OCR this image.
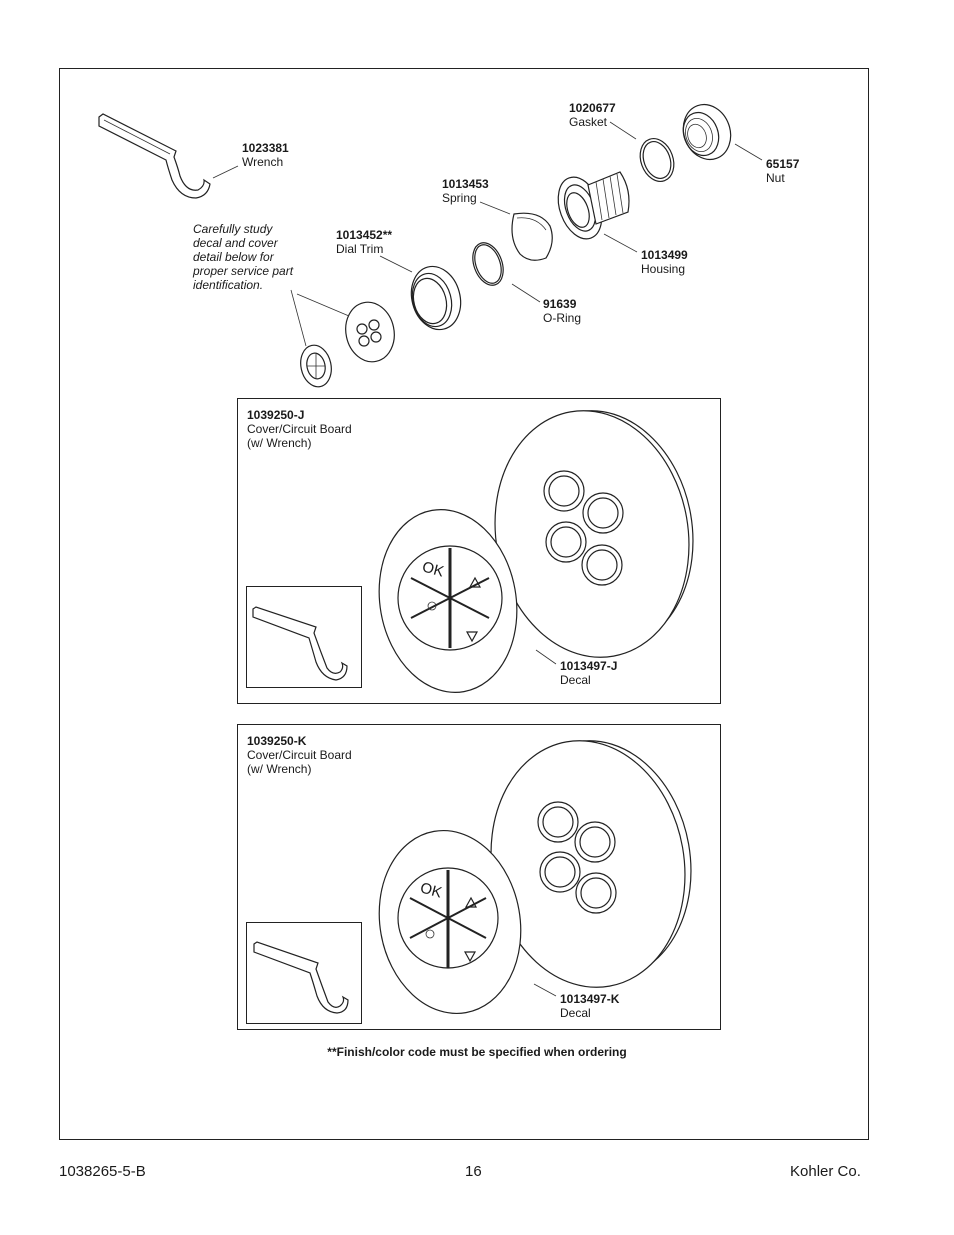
1023381
Wrench
1020677
Gasket
65157
Nut
1013453
Spring
1013452**
Dial Trim	1013499
Housing
91639
O-Ring
Carefully study decal and cover detail below for proper service part identification.
1039250-J
Cover/Circuit Board
(w/ Wrench)
1013497-J
Decal
OK
1039250-K
Cover/Circuit Board
(w/ Wrench)
1013497-K
Decal
OK
**Finish/color code must be specified when ordering
1038265-5-B	16	Kohler Co.
